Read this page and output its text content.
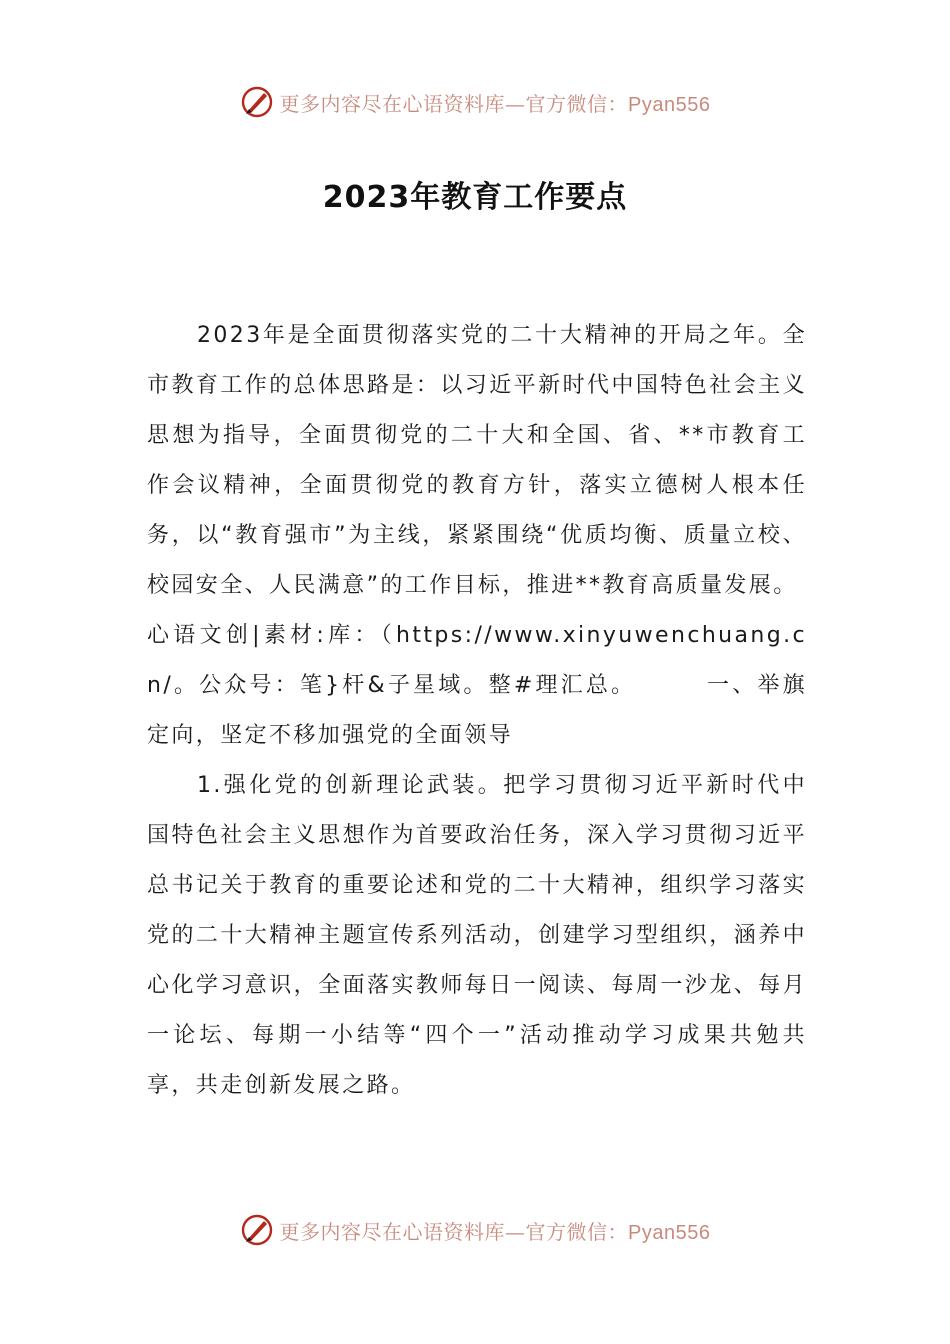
更多内容尽在心语资料库—官方微信：Pyan556
2023年教育工作要点

2023年是全面贯彻落实党的二十大精神的开局之年。全市教育工作的总体思路是：以习近平新时代中国特色社会主义思想为指导，全面贯彻党的二十大和全国、省、**市教育工作会议精神，全面贯彻党的教育方针，落实立德树人根本任务，以“教育强市”为主线，紧紧围绕“优质均衡、质量立校、校园安全、人民满意”的工作目标，推进**教育高质量发展。

心语文创|素材:库：（https://www.xinyuwenchuang.cn/。公众号：笔}杆&子星域。整#理汇总。	一、举旗定向，坚定不移加强党的全面领导

1.强化党的创新理论武装。把学习贯彻习近平新时代中国特色社会主义思想作为首要政治任务，深入学习贯彻习近平总书记关于教育的重要论述和党的二十大精神，组织学习落实党的二十大精神主题宣传系列活动，创建学习型组织，涵养中心化学习意识，全面落实教师每日一阅读、每周一沙龙、每月一论坛、每期一小结等“四个一”活动推动学习成果共勉共享，共走创新发展之路。

更多内容尽在心语资料库—官方微信：Pyan556
